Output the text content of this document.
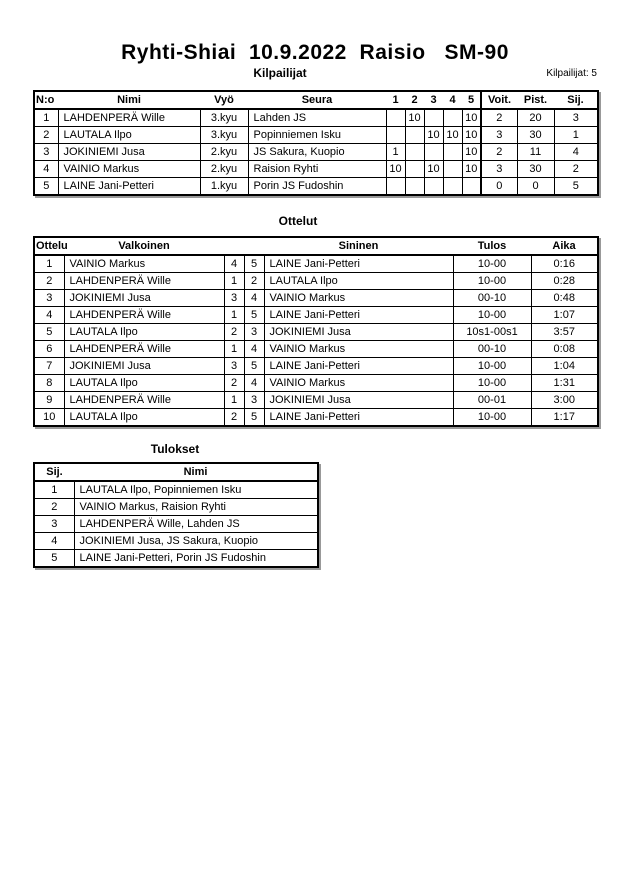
Ryhti-Shiai  10.9.2022  Raisio   SM-90
Kilpailijat	Kilpailijat: 5
N:o	Nimi	Vyö	Seura	1	2	3	4	5	Voit.	Pist.	Sij.
1	LAHDENPERÄ Wille	3.kyu	Lahden JS		10			10	2	20	3
2	LAUTALA Ilpo	3.kyu	Popinniemen Isku			10	10	10	3	30	1
3	JOKINIEMI Jusa	2.kyu	JS Sakura, Kuopio	1				10	2	11	4
4	VAINIO Markus	2.kyu	Raision Ryhti	10		10		10	3	30	2
5	LAINE Jani-Petteri	1.kyu	Porin JS Fudoshin						0	0	5
Ottelut
Ottelu	Valkoinen			Sininen	Tulos	Aika
1	VAINIO Markus	4	5	LAINE Jani-Petteri	10-00	0:16
2	LAHDENPERÄ Wille	1	2	LAUTALA Ilpo	10-00	0:28
3	JOKINIEMI Jusa	3	4	VAINIO Markus	00-10	0:48
4	LAHDENPERÄ Wille	1	5	LAINE Jani-Petteri	10-00	1:07
5	LAUTALA Ilpo	2	3	JOKINIEMI Jusa	10s1-00s1	3:57
6	LAHDENPERÄ Wille	1	4	VAINIO Markus	00-10	0:08
7	JOKINIEMI Jusa	3	5	LAINE Jani-Petteri	10-00	1:04
8	LAUTALA Ilpo	2	4	VAINIO Markus	10-00	1:31
9	LAHDENPERÄ Wille	1	3	JOKINIEMI Jusa	00-01	3:00
10	LAUTALA Ilpo	2	5	LAINE Jani-Petteri	10-00	1:17
Tulokset
Sij.	Nimi
1	LAUTALA Ilpo, Popinniemen Isku
2	VAINIO Markus, Raision Ryhti
3	LAHDENPERÄ Wille, Lahden JS
4	JOKINIEMI Jusa, JS Sakura, Kuopio
5	LAINE Jani-Petteri, Porin JS Fudoshin
